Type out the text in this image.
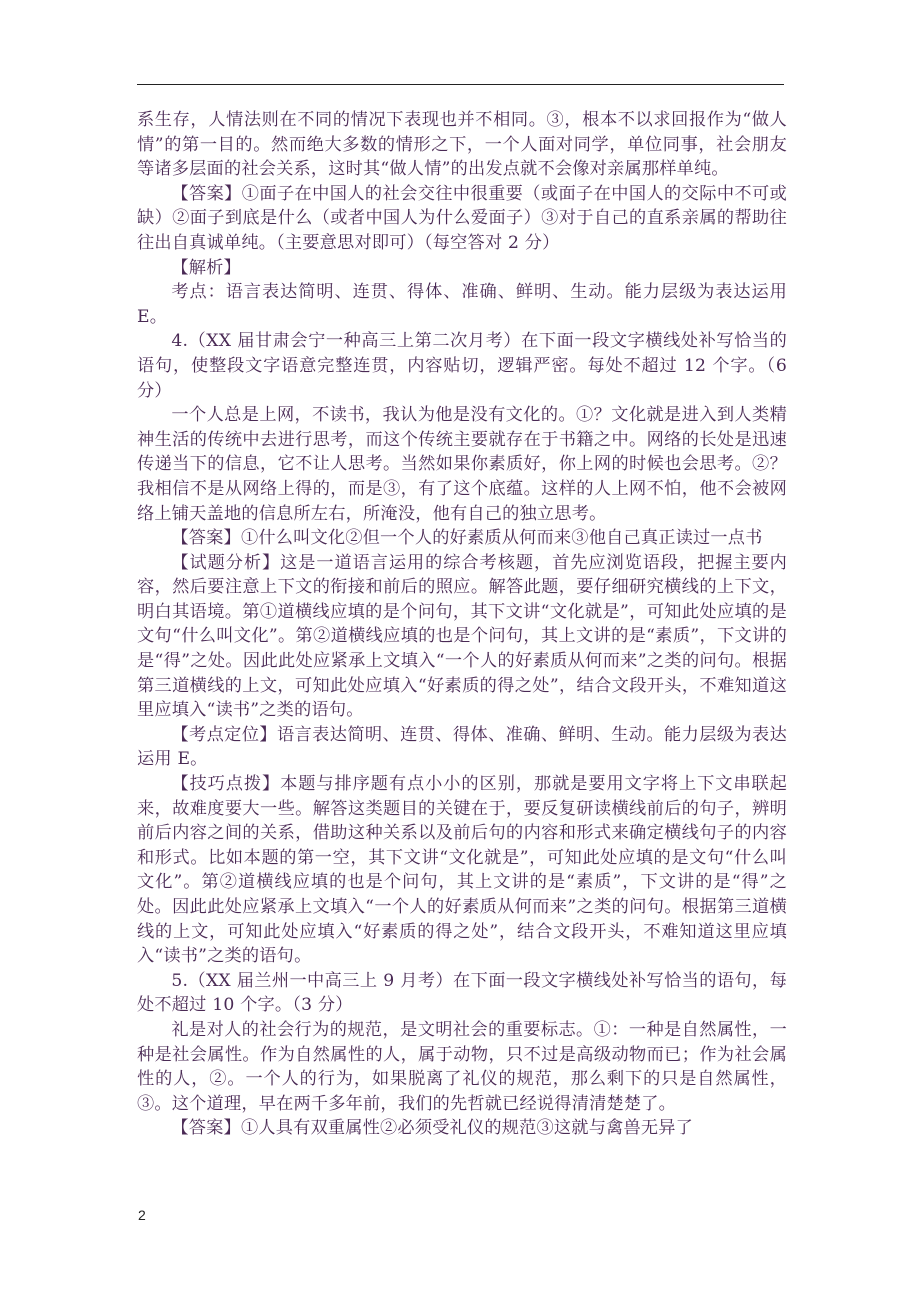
系生存，人情法则在不同的情况下表现也并不相同。③，根本不以求回报作为“做人情”的第一目的。然而绝大多数的情形之下，一个人面对同学，单位同事，社会朋友等诸多层面的社会关系，这时其“做人情”的出发点就不会像对亲属那样单纯。

【答案】①面子在中国人的社会交往中很重要（或面子在中国人的交际中不可或缺）②面子到底是什么（或者中国人为什么爱面子）③对于自己的直系亲属的帮助往往出自真诚单纯。（主要意思对即可）（每空答对 2 分）

【解析】

考点：语言表达简明、连贯、得体、准确、鲜明、生动。能力层级为表达运用 E。

4.（XX 届甘肃会宁一种高三上第二次月考）在下面一段文字横线处补写恰当的语句，使整段文字语意完整连贯，内容贴切，逻辑严密。每处不超过 12 个字。（6 分）

一个人总是上网，不读书，我认为他是没有文化的。①？文化就是进入到人类精神生活的传统中去进行思考，而这个传统主要就存在于书籍之中。网络的长处是迅速传递当下的信息，它不让人思考。当然如果你素质好，你上网的时候也会思考。②？我相信不是从网络上得的，而是③，有了这个底蕴。这样的人上网不怕，他不会被网络上铺天盖地的信息所左右，所淹没，他有自己的独立思考。

【答案】①什么叫文化②但一个人的好素质从何而来③他自己真正读过一点书

【试题分析】这是一道语言运用的综合考核题，首先应浏览语段，把握主要内容，然后要注意上下文的衔接和前后的照应。解答此题，要仔细研究横线的上下文，明白其语境。第①道横线应填的是个问句，其下文讲“文化就是”，可知此处应填的是文句“什么叫文化”。第②道横线应填的也是个问句，其上文讲的是“素质”，下文讲的是“得”之处。因此此处应紧承上文填入“一个人的好素质从何而来”之类的问句。根据第三道横线的上文，可知此处应填入“好素质的得之处”，结合文段开头，不难知道这里应填入“读书”之类的语句。

【考点定位】语言表达简明、连贯、得体、准确、鲜明、生动。能力层级为表达运用 E。

【技巧点拨】本题与排序题有点小小的区别，那就是要用文字将上下文串联起来，故难度要大一些。解答这类题目的关键在于，要反复研读横线前后的句子，辨明前后内容之间的关系，借助这种关系以及前后句的内容和形式来确定横线句子的内容和形式。比如本题的第一空，其下文讲“文化就是”，可知此处应填的是文句“什么叫文化”。第②道横线应填的也是个问句，其上文讲的是“素质”，下文讲的是“得”之处。因此此处应紧承上文填入“一个人的好素质从何而来”之类的问句。根据第三道横线的上文，可知此处应填入“好素质的得之处”，结合文段开头，不难知道这里应填入“读书”之类的语句。

5.（XX 届兰州一中高三上 9 月考）在下面一段文字横线处补写恰当的语句，每处不超过 10 个字。（3 分）

礼是对人的社会行为的规范，是文明社会的重要标志。①：一种是自然属性，一种是社会属性。作为自然属性的人，属于动物，只不过是高级动物而已；作为社会属性的人，②。一个人的行为，如果脱离了礼仪的规范，那么剩下的只是自然属性，③。这个道理，早在两千多年前，我们的先哲就已经说得清清楚楚了。

【答案】①人具有双重属性②必须受礼仪的规范③这就与禽兽无异了

2
